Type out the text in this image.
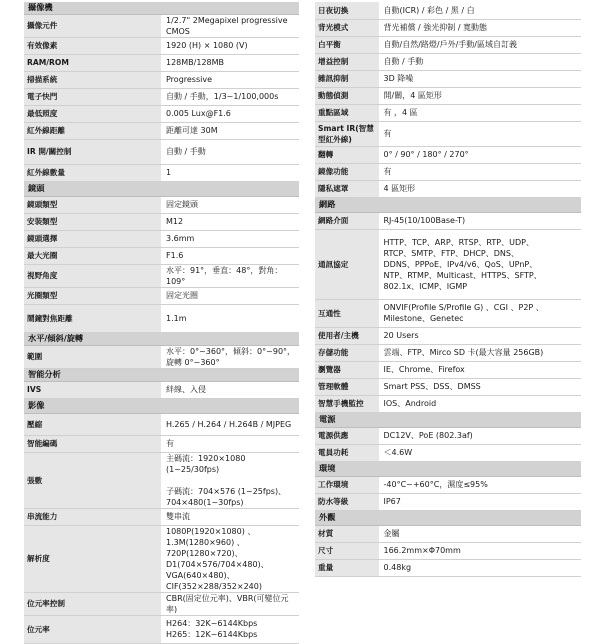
攝像機	
攝像元件	1/2.7" 2Megapixel progressive CMOS

有效像素	1920 (H) × 1080 (V)

RAM/ROM	128MB/128MB

掃描系統	Progressive

電子快門	自動 / 手動，1/3~1/100,000s

最低照度	0.005 Lux@F1.6

紅外線距離	距離可達 30M

IR 開/關控制	自動 / 手動

紅外線數量	1

鏡頭	
鏡頭類型	固定鏡頭

安裝類型	M12

鏡頭選擇	3.6mm

最大光圈	F1.6

視野角度	水平：91°，垂直：48°，對角：109°

光圈類型	固定光圈

鬧鐘對焦距離	1.1m

水平/傾斜/旋轉	
範圍	水平：0°~360°，傾斜：0°~90°，旋轉 0°~360°

智能分析	
IVS	絆線、入侵

影像	
壓縮	H.265 / H.264 / H.264B / MJPEG

智能編碼	有

張數	主碼流：1920×1080 (1~25/30fps)

子碼流：704×576 (1~25fps)、
704×480(1~30fps)

串流能力	雙串流

解析度	1080P(1920×1080) 、1.3M(1280×960) 、
720P(1280×720)、D1(704×576/704×480)、
VGA(640×480)、CIF(352×288/352×240)

位元率控制	CBR(固定位元率)、VBR(可變位元率)

位元率	H264：32K~6144Kbps
H265：12K~6144Kbps
日夜切換	自動(ICR) / 彩色 / 黑 / 白

背光模式	背光補償 / 強光抑制 / 寬動態

白平衡	自動/自然/路燈/戶外/手動/區域自訂義

增益控制	自動 / 手動

雜訊抑制	3D 降噪

動態偵測	開/關，4 區矩形

重點區域	有 ，4 區

Smart IR(智慧型紅外線)	有

翻轉	0° / 90° / 180° / 270°

鏡像功能	有

隱私遮罩	4 區矩形

網路	
網路介面	RJ-45(10/100Base-T)

通訊協定	HTTP、TCP、ARP、RTSP、RTP、UDP、
RTCP、SMTP、FTP、DHCP、DNS、
DDNS、PPPoE、IPv4/v6、QoS、UPnP、
NTP、RTMP、Multicast、HTTPS、SFTP、
802.1x、ICMP、IGMP

互通性	ONVIF(Profile S/Profile G) 、CGI 、P2P 、
Milestone、Genetec

使用者/主機	20 Users

存儲功能	雲端、FTP、Mirco SD 卡(最大容量 256GB)

瀏覽器	IE、Chrome、Firefox

管理軟體	Smart PSS、DSS、DMSS

智慧手機監控	IOS、Android

電源	
電源供應	DC12V、PoE (802.3af)

電員功耗	＜4.6W

環境	
工作環境	-40°C~+60°C，濕度≤95%

防水等級	IP67

外觀	
材質	金屬

尺寸	166.2mm×Φ70mm

重量	0.48kg
